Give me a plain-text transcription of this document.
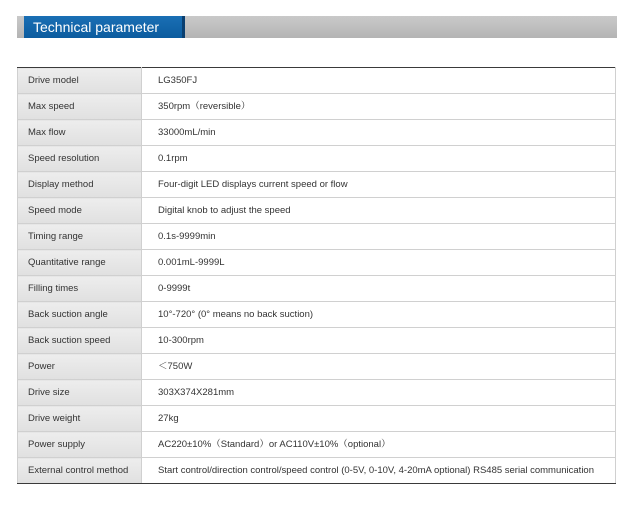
Technical parameter
Drive model	LG350FJ
Max speed	350rpm（reversible）
Max flow	33000mL/min
Speed resolution	0.1rpm
Display method	Four-digit LED displays current speed or flow
Speed mode	Digital knob to adjust the speed
Timing range	0.1s-9999min
Quantitative range	0.001mL-9999L
Filling times	0-9999t
Back suction angle	10°-720° (0° means no back suction)
Back suction speed	10-300rpm
Power	＜750W
Drive size	303X374X281mm
Drive weight	27kg
Power supply	AC220±10%（Standard）or AC110V±10%（optional）
External control method	Start control/direction control/speed control (0-5V, 0-10V, 4-20mA optional) RS485 serial communication
